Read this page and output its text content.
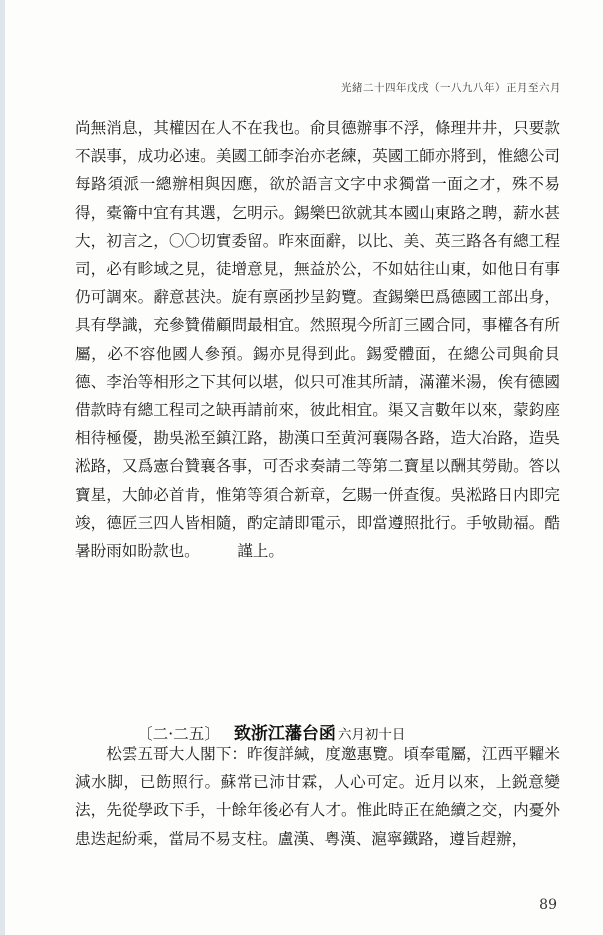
光緒二十四年戊戌（一八九八年）正月至六月

尚無消息，其權因在人不在我也。俞貝德辦事不浮，條理井井，只要款不誤事，成功必速。美國工師李治亦老練，英國工師亦將到，惟總公司每路須派一總辦相與因應，欲於語言文字中求獨當一面之才，殊不易得，橐籥中宜有其選，乞明示。錫樂巴欲就其本國山東路之聘，薪水甚大，初言之，〇〇切實委留。昨來面辭，以比、美、英三路各有總工程司，必有畛域之見，徒增意見，無益於公，不如姑往山東，如他日有事仍可調來。辭意甚決。旋有禀函抄呈鈞覽。查錫樂巴爲德國工部出身，具有學識，充參贊備顧問最相宜。然照現今所訂三國合同，事權各有所屬，必不容他國人參預。錫亦見得到此。錫愛體面，在總公司與俞貝德、李治等相形之下其何以堪，似只可准其所請，滿灌米湯，俟有德國借款時有總工程司之缺再請前來，彼此相宜。渠又言數年以來，蒙鈞座相待極優，勘吳淞至鎮江路，勘漢口至黄河襄陽各路，造大冶路，造吳淞路，又爲憲台贊襄各事，可否求奏請二等第二寶星以酬其勞勛。答以寶星，大帥必首肯，惟第等須合新章，乞賜一併查復。吳淞路日内即完竣，德匠三四人皆相隨，酌定請即電示，即當遵照批行。手敂勛福。酷暑盼雨如盼款也。 謹上。

〔二·二五〕 致浙江藩台函 六月初十日

松雲五哥大人閣下：昨復詳緘，度邀惠覽。頃奉電屬，江西平糶米減水脚，已飭照行。蘇常已沛甘霖，人心可定。近月以來，上鋭意變法，先從學政下手，十餘年後必有人才。惟此時正在絶續之交，内憂外患迭起紛乘，當局不易支柱。盧漢、粤漢、滬寧鐵路，遵旨趕辦，

89
